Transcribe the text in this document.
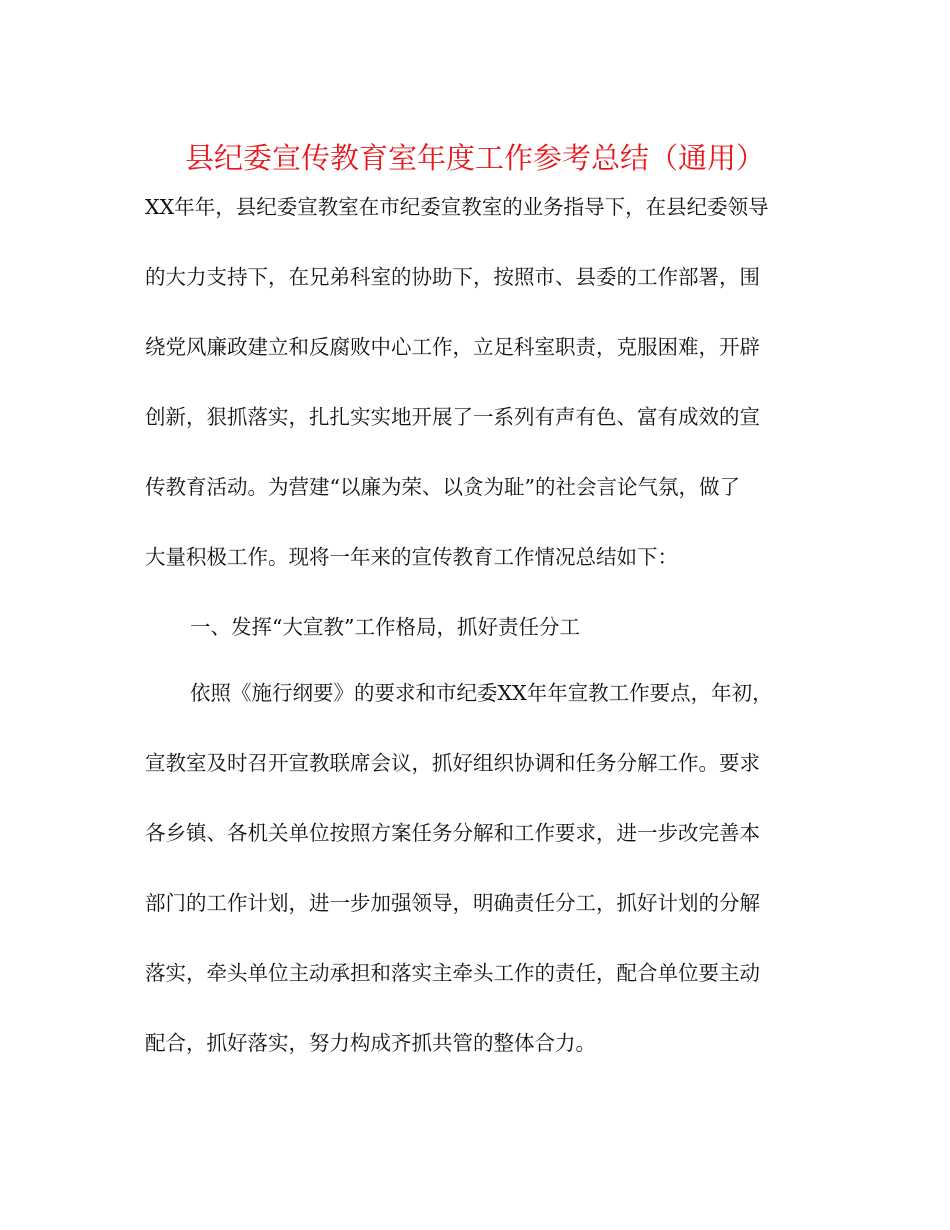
县纪委宣传教育室年度工作参考总结（通用）

XX年年，县纪委宣教室在市纪委宣教室的业务指导下，在县纪委领导

的大力支持下，在兄弟科室的协助下，按照市、县委的工作部署，围

绕党风廉政建立和反腐败中心工作，立足科室职责，克服困难，开辟

创新，狠抓落实，扎扎实实地开展了一系列有声有色、富有成效的宣

传教育活动。为营建“以廉为荣、以贪为耻”的社会言论气氛，做了

大量积极工作。现将一年来的宣传教育工作情况总结如下：

一、发挥“大宣教”工作格局，抓好责任分工

依照《施行纲要》的要求和市纪委XX年年宣教工作要点，年初，

宣教室及时召开宣教联席会议，抓好组织协调和任务分解工作。要求

各乡镇、各机关单位按照方案任务分解和工作要求，进一步改完善本

部门的工作计划，进一步加强领导，明确责任分工，抓好计划的分解

落实，牵头单位主动承担和落实主牵头工作的责任，配合单位要主动

配合，抓好落实，努力构成齐抓共管的整体合力。
